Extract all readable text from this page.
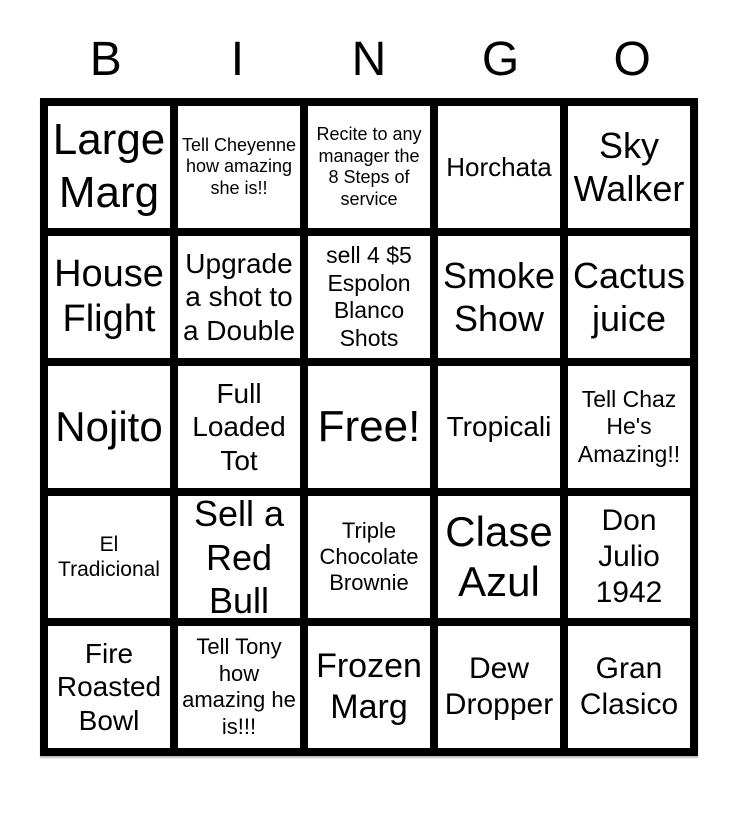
B	I	N	G	O
Large Marg
Tell Cheyenne how amazing she is!!
Recite to any manager the 8 Steps of service
Horchata
Sky Walker
House Flight
Upgrade a shot to a Double
sell 4 $5 Espolon Blanco Shots
Smoke Show
Cactus juice
Nojito
Full Loaded Tot
Free! Tropicali
Tell Chaz He's Amazing!!
El Tradicional
Sell a Red Bull
Triple Chocolate Brownie
Clase Azul
Don Julio 1942
Fire Roasted Bowl
Tell Tony how amazing he is!!!
Frozen Marg
Dew Dropper
Gran Clasico
